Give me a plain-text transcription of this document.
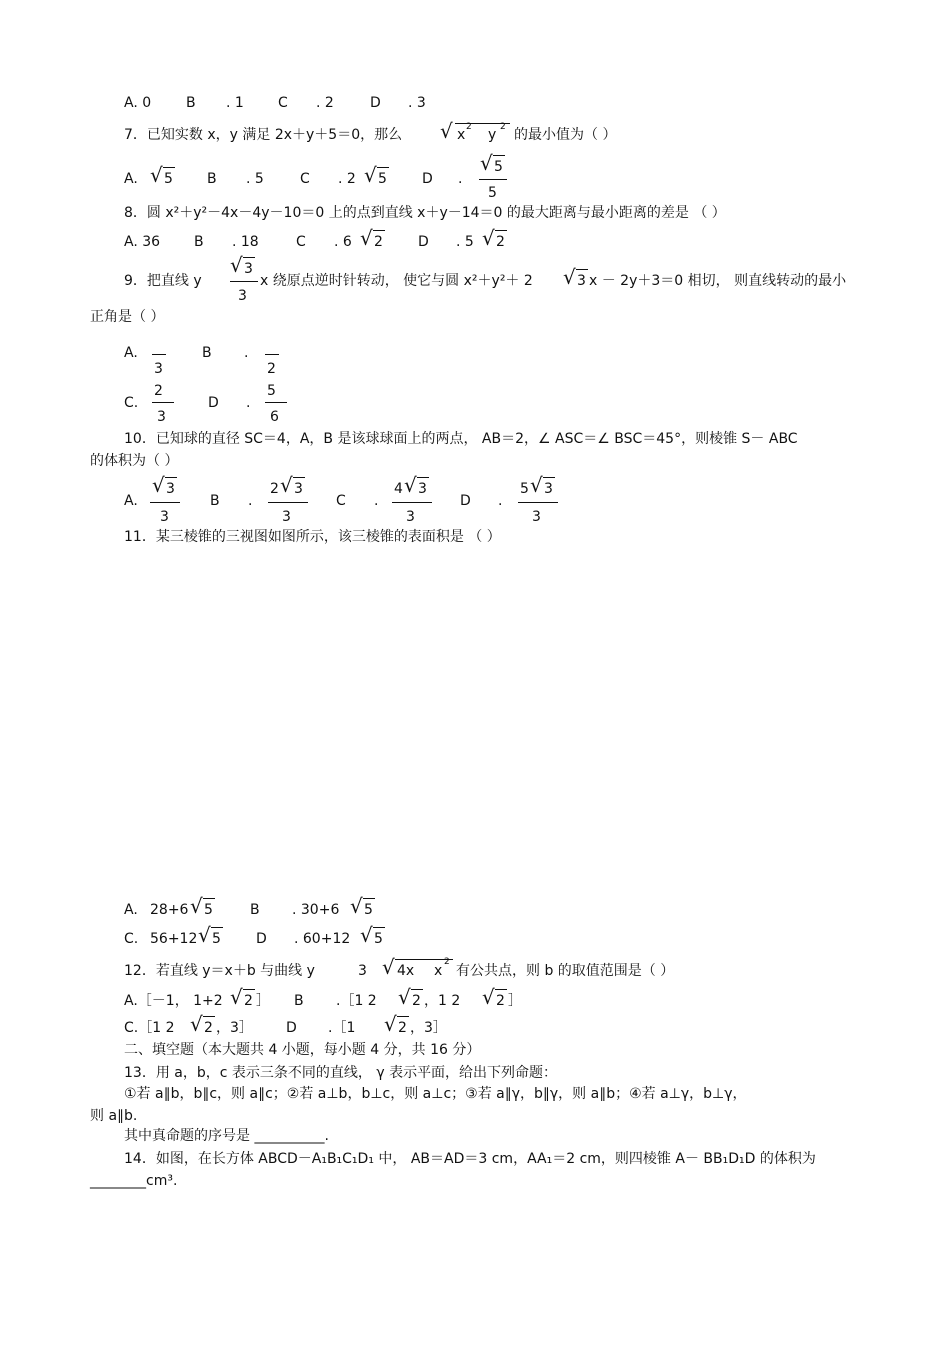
A. 0 B . 1 C . 2	D . 3
7．已知实数 x，y 满足 2x＋y＋5＝0，那么 √ x 2 y 2 的最小值为（ ）
A. √ 5 B . 5	C . 2 √ 5	D .
√ 5
5
8．圆 x²＋y²－4x－4y－10＝0 上的点到直线 x＋y－14＝0 的最大距离与最小距离的差是 （ ）
A. 36 B . 18	C . 6 √ 2	D . 5 √ 2
9．把直线 y
√ 3
3
x 绕原点逆时针转动， 使它与圆 x²＋y²＋ 2 √ 3 x － 2y＋3＝0 相切， 则直线转动的最小
正角是（ ）
A.
3
B .
2
C.
2
3
D .
5
6
10．已知球的直径 SC＝4，A，B 是该球球面上的两点， AB＝2，∠ ASC＝∠ BSC＝45°，则棱锥 S－ ABC
的体积为（ ）
A.
√ 3
3
B .
2 √ 3
3
C .
4 √ 3
3
D .
5 √ 3
3
11．某三棱锥的三视图如图所示，该三棱锥的表面积是 （ ）
A. 28+6 √ 5	B . 30+6 √ 5
C. 56+12 √ 5	D . 60+12 √ 5
12．若直线 y＝x＋b 与曲线 y	3 √ 4x x
2
有公共点，则 b 的取值范围是（ ）
A.［－1， 1+2 √ 2 ］ B .［1 2 √ 2 ，1 2 √ 2 ］
C.［1 2 √ 2 ，3］ D .［1 √ 2 ，3］
二、填空题（本大题共 4 小题，每小题 4 分，共 16 分）
13．用 a，b，c 表示三条不同的直线， γ 表示平面，给出下列命题：
①若 a∥b，b∥c，则 a∥c；②若 a⊥b，b⊥c，则 a⊥c；③若 a∥γ，b∥γ，则 a∥b；④若 a⊥γ，b⊥γ，
则 a∥b.
其中真命题的序号是 __________.
14．如图，在长方体 ABCD－A₁B₁C₁D₁ 中， AB＝AD＝3 cm，AA₁＝2 cm，则四棱锥 A－ BB₁D₁D 的体积为
________cm³.
